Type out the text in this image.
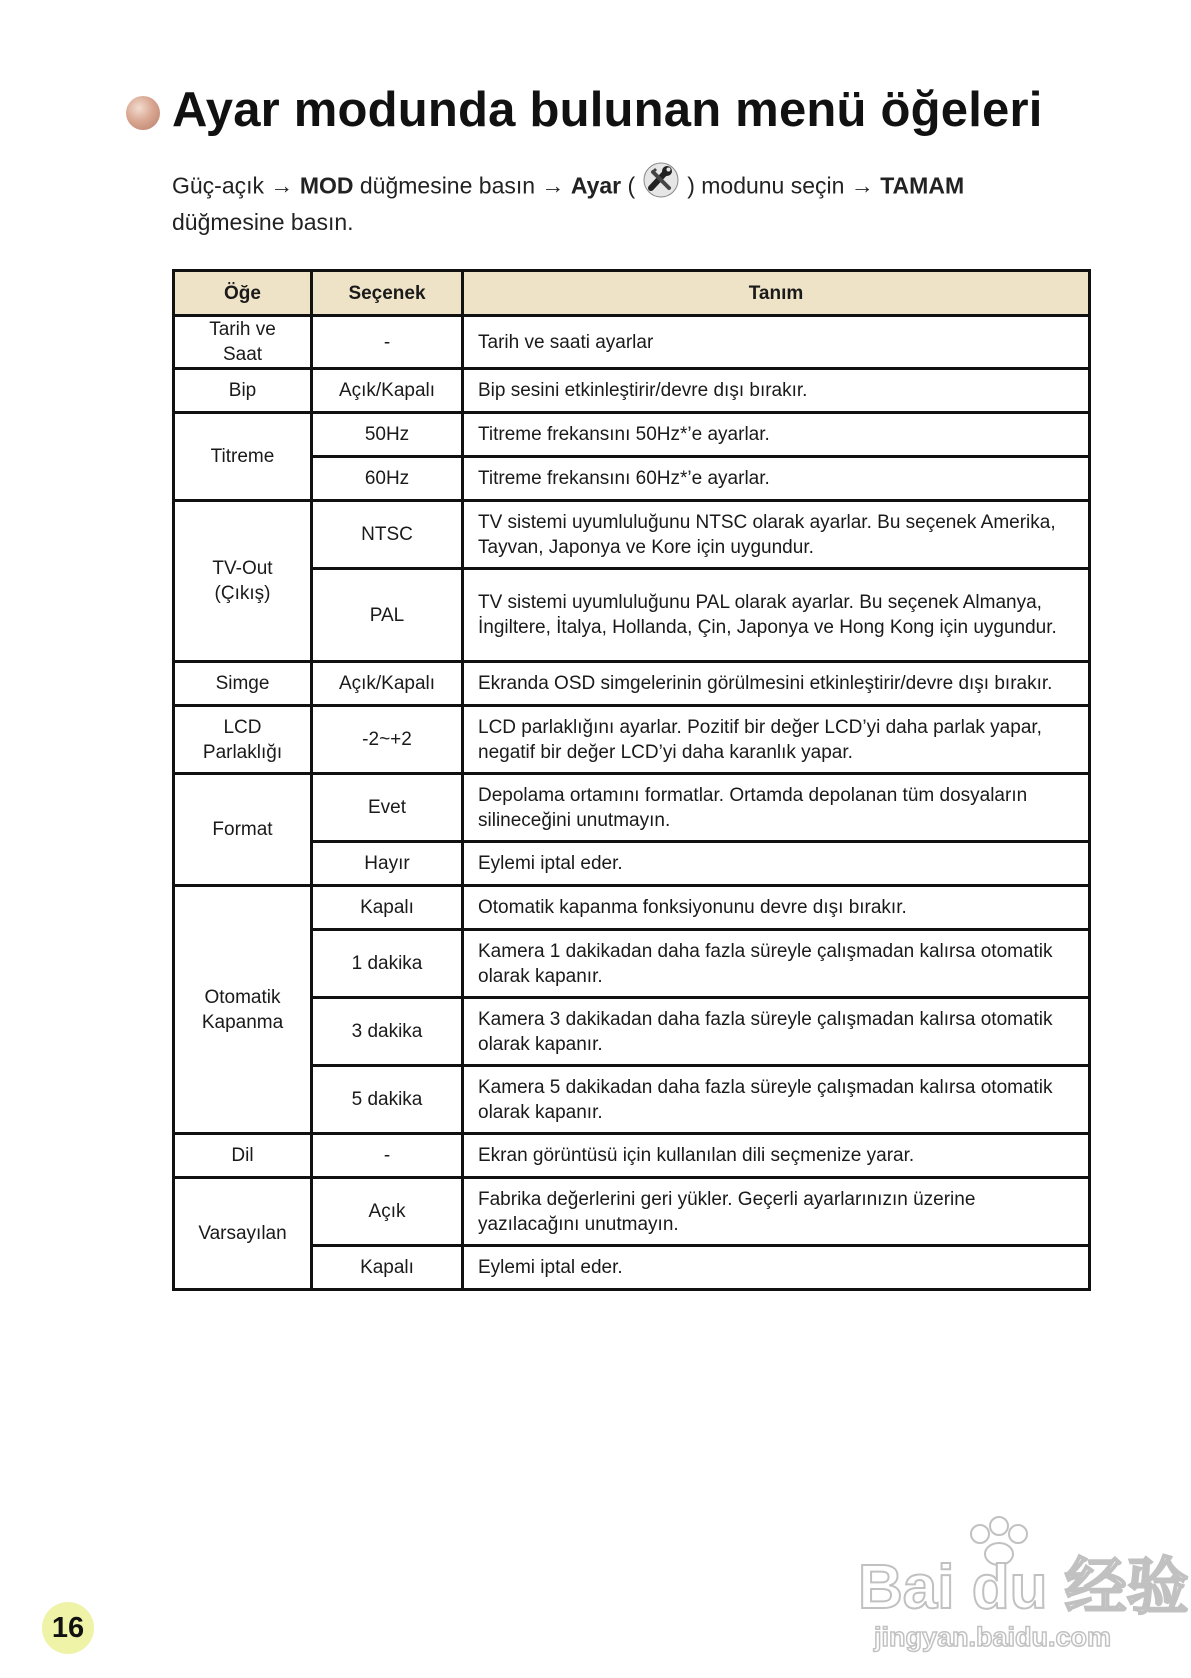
Ayar modunda bulunan menü öğeleri
Güç-açık → MOD düğmesine basın → Ayar ( ) modunu seçin → TAMAM düğmesine basın.
Öğe	Seçenek	Tanım
Tarih ve Saat	-	Tarih ve saati ayarlar
Bip	Açık/Kapalı	Bip sesini etkinleştirir/devre dışı bırakır.
Titreme	50Hz	Titreme frekansını 50Hz*’e ayarlar.
	60Hz	Titreme frekansını 60Hz*’e ayarlar.
TV-Out (Çıkış)	NTSC	TV sistemi uyumluluğunu NTSC olarak ayarlar. Bu seçenek Amerika, Tayvan, Japonya ve Kore için uygundur.
	PAL	TV sistemi uyumluluğunu PAL olarak ayarlar. Bu seçenek Almanya, İngiltere, İtalya, Hollanda, Çin, Japonya ve Hong Kong için uygundur.
Simge	Açık/Kapalı	Ekranda OSD simgelerinin görülmesini etkinleştirir/devre dışı bırakır.
LCD Parlaklığı	-2~+2	LCD parlaklığını ayarlar. Pozitif bir değer LCD’yi daha parlak yapar, negatif bir değer LCD’yi daha karanlık yapar.
Format	Evet	Depolama ortamını formatlar. Ortamda depolanan tüm dosyaların silineceğini unutmayın.
	Hayır	Eylemi iptal eder.
Otomatik Kapanma	Kapalı	Otomatik kapanma fonksiyonunu devre dışı bırakır.
	1 dakika	Kamera 1 dakikadan daha fazla süreyle çalışmadan kalırsa otomatik olarak kapanır.
	3 dakika	Kamera 3 dakikadan daha fazla süreyle çalışmadan kalırsa otomatik olarak kapanır.
	5 dakika	Kamera 5 dakikadan daha fazla süreyle çalışmadan kalırsa otomatik olarak kapanır.
Dil	-	Ekran görüntüsü için kullanılan dili seçmenize yarar.
Varsayılan	Açık	Fabrika değerlerini geri yükler. Geçerli ayarlarınızın üzerine yazılacağını unutmayın.
	Kapalı	Eylemi iptal eder.
16
Bai du 经验
jingyan.baidu.com
